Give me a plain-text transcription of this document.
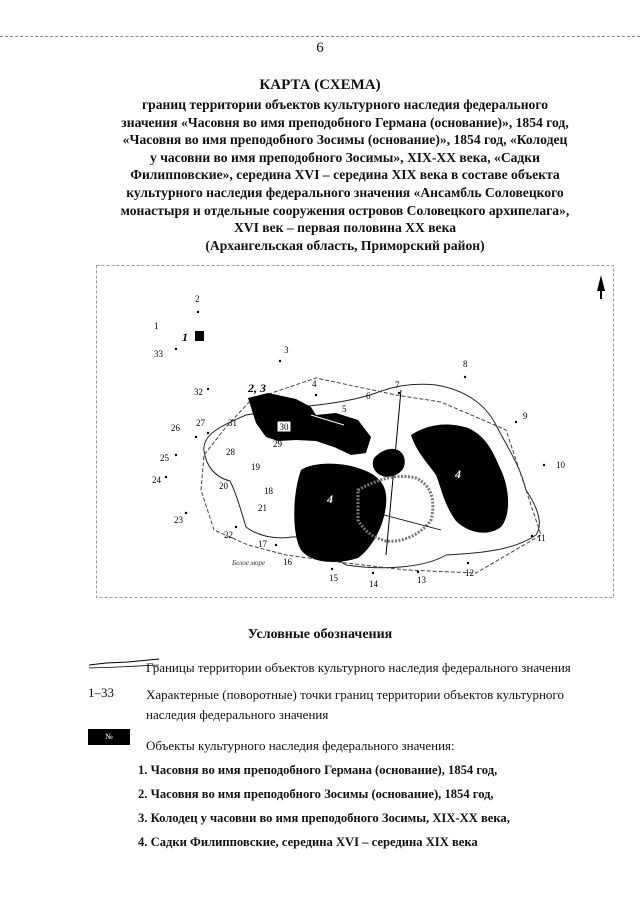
6
КАРТА (СХЕМА)
границ территории объектов культурного наследия федерального
значения «Часовня во имя преподобного Германа (основание)», 1854 год,
«Часовня во имя преподобного Зосимы (основание)», 1854 год, «Колодец
у часовни во имя преподобного Зосимы», XIX-XX века, «Садки
Филипповские», середина XVI – середина XIX века в составе объекта
культурного наследия федерального значения «Ансамбль Соловецкого
монастыря и отдельные сооружения островов Соловецкого архипелага»,
XVI век – первая половина XX века
(Архангельская область, Приморский район)
30
1
2, 3
4
4
Белое море
1
2
3
4
5
6
7
8
9
10
11
12
13
14
15
16
17
18
19
20
21
22
23
24
25
26 27
28
29
31
32
33
Условные обозначения
Границы территории объектов культурного наследия федерального значения
1–33 Характерные (поворотные) точки границ территории объектов культурного наследия федерального значения
№
Объекты культурного наследия федерального значения:
1. Часовня во имя преподобного Германа (основание), 1854 год,
2. Часовня во имя преподобного Зосимы (основание), 1854 год,
3. Колодец у часовни во имя преподобного Зосимы, XIX-XX века,
4. Садки Филипповские, середина XVI – середина XIX века
